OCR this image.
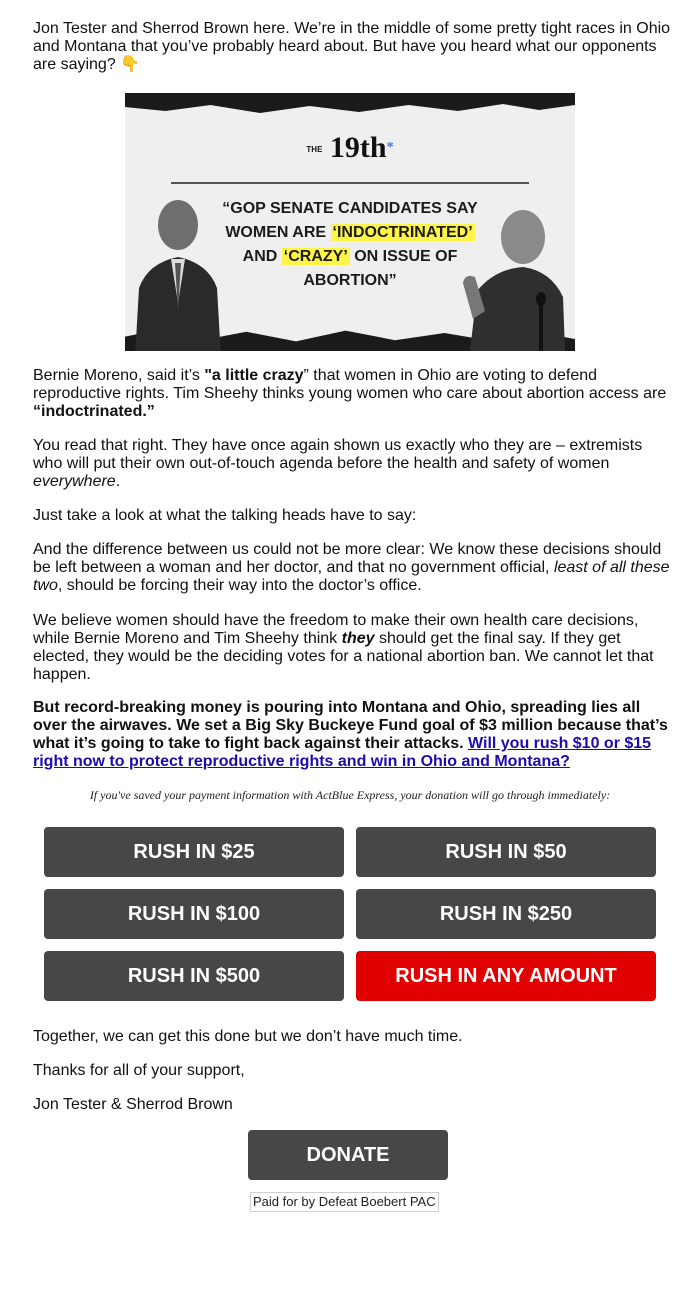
Jon Tester and Sherrod Brown here. We’re in the middle of some pretty tight races in Ohio and Montana that you’ve probably heard about. But have you heard what our opponents are saying? 👇

THE 19th*
“GOP SENATE CANDIDATES SAY
WOMEN ARE ‘INDOCTRINATED’
AND ‘CRAZY’ ON ISSUE OF
ABORTION”

Bernie Moreno, said it’s "a little crazy” that women in Ohio are voting to defend reproductive rights. Tim Sheehy thinks young women who care about abortion access are “indoctrinated.”

You read that right. They have once again shown us exactly who they are – extremists who will put their own out-of-touch agenda before the health and safety of women everywhere.

Just take a look at what the talking heads have to say:

And the difference between us could not be more clear: We know these decisions should be left between a woman and her doctor, and that no government official, least of all these two, should be forcing their way into the doctor’s office.

We believe women should have the freedom to make their own health care decisions, while Bernie Moreno and Tim Sheehy think they should get the final say. If they get elected, they would be the deciding votes for a national abortion ban. We cannot let that happen.

But record-breaking money is pouring into Montana and Ohio, spreading lies all over the airwaves. We set a Big Sky Buckeye Fund goal of $3 million because that’s what it’s going to take to fight back against their attacks. Will you rush $10 or $15 right now to protect reproductive rights and win in Ohio and Montana?

If you've saved your payment information with ActBlue Express, your donation will go through immediately:
RUSH IN $25	RUSH IN $50
RUSH IN $100	RUSH IN $250
RUSH IN $500	RUSH IN ANY AMOUNT

Together, we can get this done but we don’t have much time.

Thanks for all of your support,

Jon Tester & Sherrod Brown

DONATE
Paid for by Defeat Boebert PAC
